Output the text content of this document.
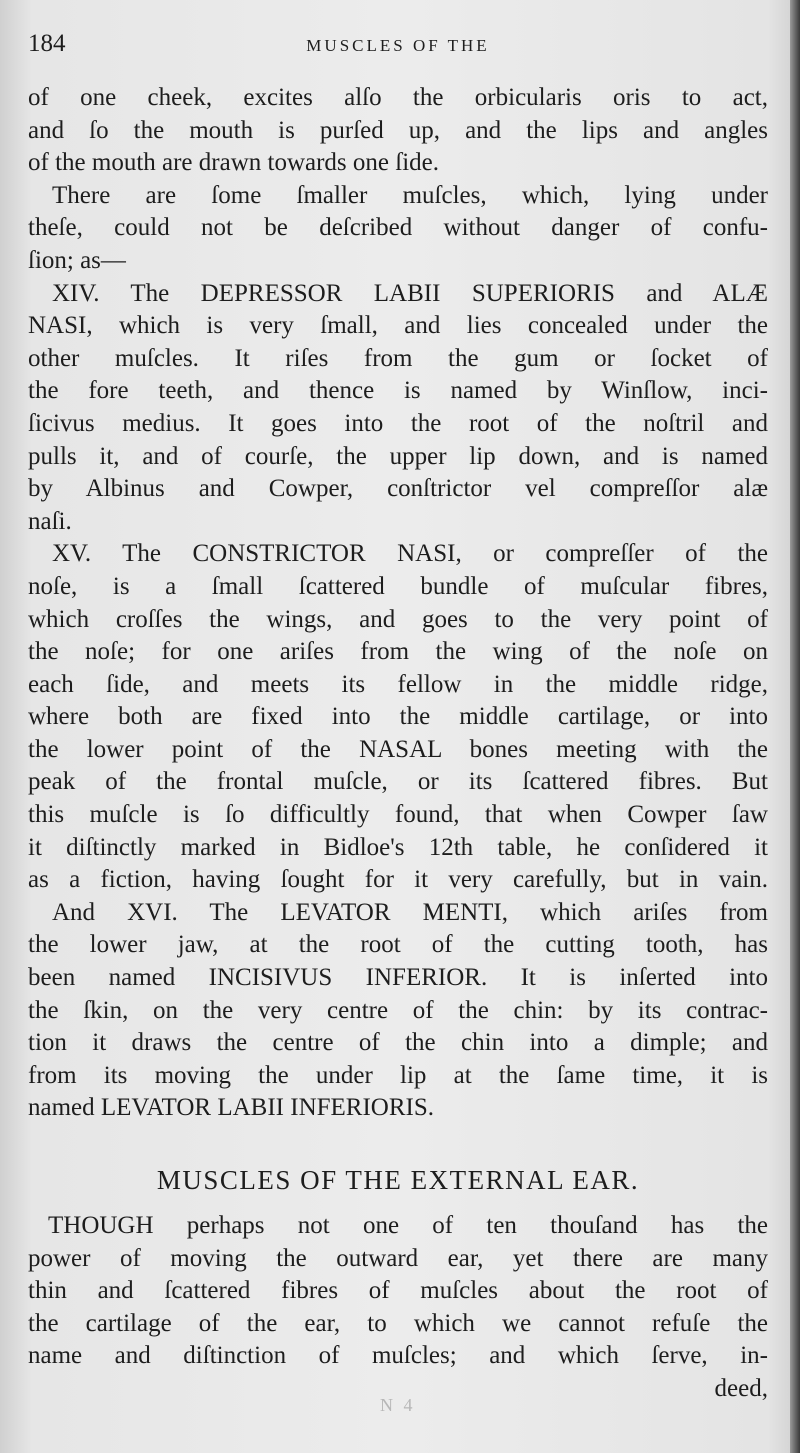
184	MUSCLES OF THE
of one cheek, excites alſo the orbicularis oris to act,
and ſo the mouth is purſed up, and the lips and angles
of the mouth are drawn towards one ſide.
There are ſome ſmaller muſcles, which, lying under
theſe, could not be deſcribed without danger of confu-
ſion; as—
XIV. The DEPRESSOR LABII SUPERIORIS and ALÆ
NASI, which is very ſmall, and lies concealed under the
other muſcles. It riſes from the gum or ſocket of
the fore teeth, and thence is named by Winſlow, inci-
ſicivus medius. It goes into the root of the noſtril and
pulls it, and of courſe, the upper lip down, and is named
by Albinus and Cowper, conſtrictor vel compreſſor alæ
naſi.
XV. The CONSTRICTOR NASI, or compreſſer of the
noſe, is a ſmall ſcattered bundle of muſcular fibres,
which croſſes the wings, and goes to the very point of
the noſe; for one ariſes from the wing of the noſe on
each ſide, and meets its fellow in the middle ridge,
where both are fixed into the middle cartilage, or into
the lower point of the NASAL bones meeting with the
peak of the frontal muſcle, or its ſcattered fibres. But
this muſcle is ſo difficultly found, that when Cowper ſaw
it diſtinctly marked in Bidloe's 12th table, he conſidered it
as a fiction, having ſought for it very carefully, but in vain.
And XVI. The LEVATOR MENTI, which ariſes from
the lower jaw, at the root of the cutting tooth, has
been named INCISIVUS INFERIOR. It is inſerted into
the ſkin, on the very centre of the chin: by its contrac-
tion it draws the centre of the chin into a dimple; and
from its moving the under lip at the ſame time, it is
named LEVATOR LABII INFERIORIS.
MUSCLES OF THE EXTERNAL EAR.
THOUGH perhaps not one of ten thouſand has the
power of moving the outward ear, yet there are many
thin and ſcattered fibres of muſcles about the root of
the cartilage of the ear, to which we cannot refuſe the
name and diſtinction of muſcles; and which ſerve, in-
deed,
N 4
